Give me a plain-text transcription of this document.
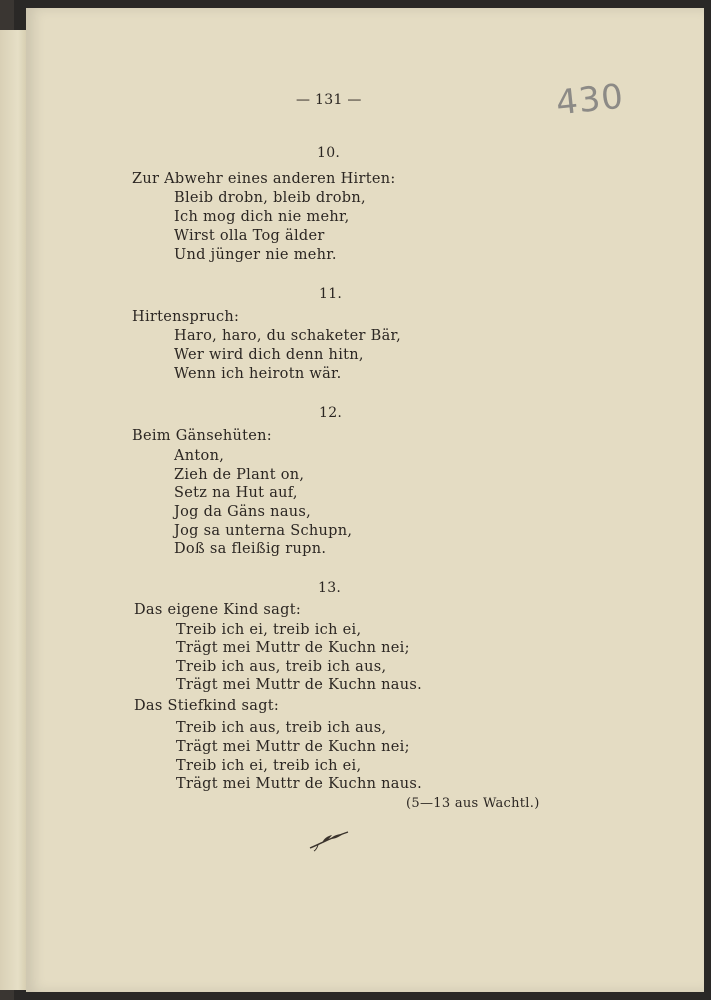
— 131 —	430
10.
Zur Abwehr eines anderen Hirten:
Bleib drobn, bleib drobn,
Ich mog dich nie mehr,
Wirst olla Tog älder
Und jünger nie mehr.
11.
Hirtenspruch:
Haro, haro, du schaketer Bär,
Wer wird dich denn hitn,
Wenn ich heirotn wär.
12.
Beim Gänsehüten:
Anton,
Zieh de Plant on,
Setz na Hut auf,
Jog da Gäns naus,
Jog sa unterna Schupn,
Doß sa fleißig rupn.
13.
Das eigene Kind sagt:
Treib ich ei, treib ich ei,
Trägt mei Muttr de Kuchn nei;
Treib ich aus, treib ich aus,
Trägt mei Muttr de Kuchn naus.
Das Stiefkind sagt:
Treib ich aus, treib ich aus,
Trägt mei Muttr de Kuchn nei;
Treib ich ei, treib ich ei,
Trägt mei Muttr de Kuchn naus.
(5—13 aus Wachtl.)
